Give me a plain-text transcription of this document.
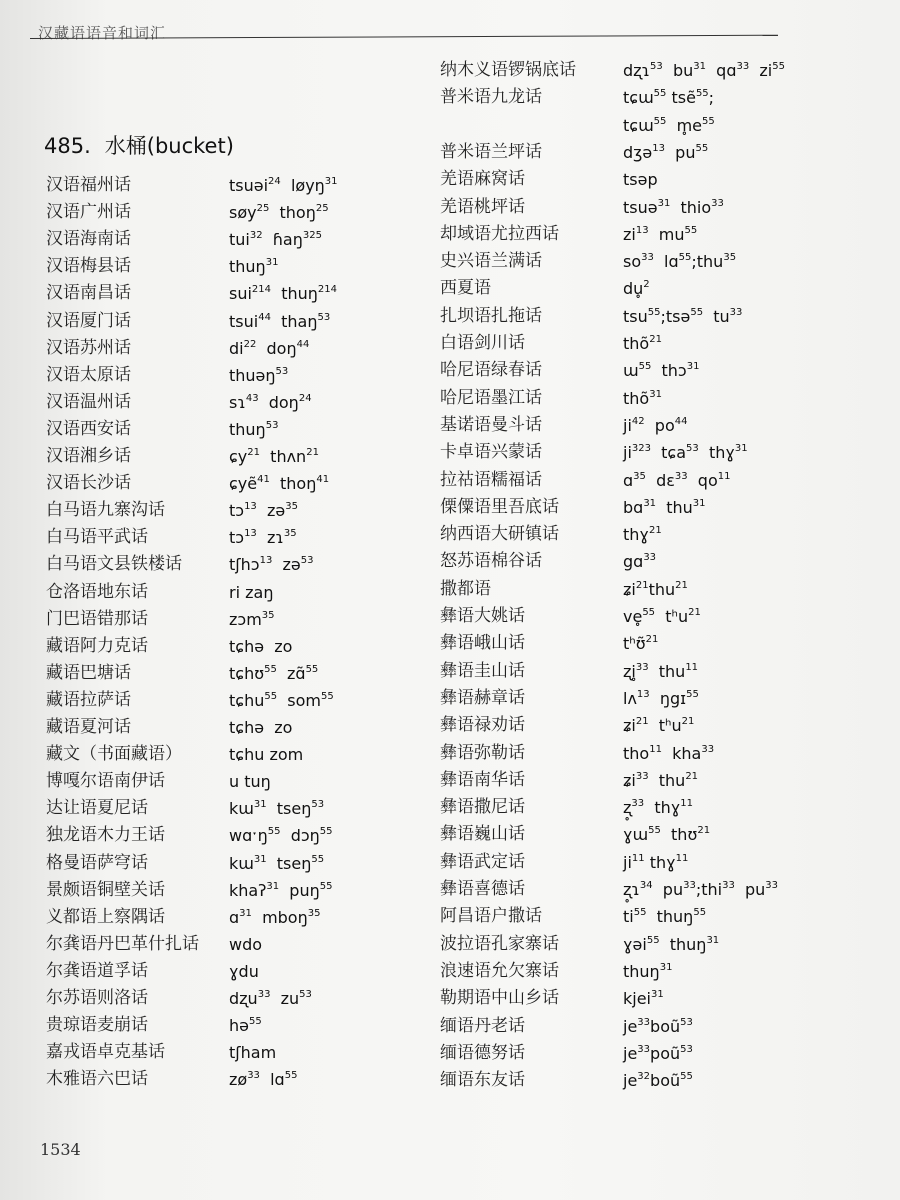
汉藏语语音和词汇
485. 水桶(bucket)
汉语福州话	tsuəi$^{24}$  løyŋ$^{31}$
汉语广州话	søy$^{25}$  thoŋ$^{25}$
汉语海南话	tui$^{32}$  ɦaŋ$^{325}$
汉语梅县话	thuŋ$^{31}$
汉语南昌话	sui$^{214}$  thuŋ$^{214}$
汉语厦门话	tsui$^{44}$  thaŋ$^{53}$
汉语苏州话	$di^{22}$  doŋ$^{44}$
汉语太原话	thuəŋ$^{53}$
汉语温州话	sɿ$^{43}$  doŋ$^{24}$
汉语西安话	thuŋ$^{53}$
汉语湘乡话	ɕy$^{21}$  thʌn$^{21}$
汉语长沙话	ɕyẽ$^{41}$  thoŋ$^{41}$
白马语九寨沟话	tɔ$^{13}$  zə$^{35}$
白马语平武话	tɔ$^{13}$  zɿ$^{35}$
白马语文县铁楼话	tʃhɔ$^{13}$  zə$^{53}$
仓洛语地东话	ri zaŋ
门巴语错那话	zɔm$^{35}$
藏语阿力克话	tɕhə  zo
藏语巴塘话	tɕhʊ$^{55}$  zɑ̃$^{55}$
藏语拉萨话	tɕhu$^{55}$  som$^{55}$
藏语夏河话	tɕhə  zo
藏文（书面藏语）	tɕhu zom
博嘎尔语南伊话	u tuŋ
达让语夏尼话	kɯ$^{31}$  tseŋ$^{53}$
独龙语木力王话	wɑˑŋ$^{55}$  dɔŋ$^{55}$
格曼语萨穹话	kɯ$^{31}$  tseŋ$^{55}$
景颇语铜壁关话	khaʔ$^{31}$  puŋ$^{55}$
义都语上察隅话	ɑ$^{31}$  mboŋ$^{35}$
尔龚语丹巴革什扎话 wdo
尔龚语道孚话	ɣdu
尔苏语则洛话	dʐu$^{33}$  $zu^{53}$
贵琼语麦崩话	hə$^{55}$
嘉戎语卓克基话	tʃham
木雅语六巴话	$zø^{33}$  lɑ$^{55}$
纳木义语锣锅底话	dʐɿ$^{53}$  $bu^{31}$  qɑ$^{33}$  $zi^{55}$
普米语九龙话	tɕɯ$^{55}$ tsẽ$^{55}$;
tɕɯ$^{55}$  $m̥e^{55}$
普米语兰坪话	dʒə$^{13}$  $pu^{55}$
羌语麻窝话	tsəp
羌语桃坪话	tsuə$^{31}$  thio$^{33}$
却域语尤拉西话	$zi^{13}$  $mu^{55}$
史兴语兰满话	$so^{33}$  lɑ$^{55}$;thu$^{35}$
西夏语	du̥$^2$
扎坝语扎拖话	tsu$^{55}$;tsə$^{55}$  $tu^{33}$
白语剑川话	thõ$^{21}$
哈尼语绿春话	ɯ$^{55}$  thɔ$^{31}$
哈尼语墨江话	thõ$^{31}$
基诺语曼斗话	$ji^{42}$  $po^{44}$
卡卓语兴蒙话	$ji^{323}$  tɕa$^{53}$  thɣ$^{31}$
拉祜语糯福话	ɑ$^{35}$  dɛ$^{33}$  $qo^{11}$
傈僳语里吾底话	bɑ$^{31}$  thu$^{31}$
纳西语大研镇话	thɣ$^{21}$
怒苏语棉谷话	gɑ$^{33}$
撒都语	ʑi$^{21}$thu$^{21}$
彝语大姚话	ve̥$^{55}$  tʰu$^{21}$
彝语峨山话	tʰʊ̃$^{21}$
彝语圭山话	ʐi̥$^{33}$  thu$^{11}$
彝语赫章话	lʌ$^{13}$  ŋgɪ$^{55}$
彝语禄劝话	ʑi$^{21}$  tʰu$^{21}$
彝语弥勒话	tho$^{11}$  kha$^{33}$
彝语南华话	ʑi$^{33}$  thu$^{21}$
彝语撒尼话	ʐ̥$^{33}$  thɣ$^{11}$
彝语巍山话	ɣɯ$^{55}$  thʊ$^{21}$
彝语武定话	$ji^{11}$ thɣ$^{11}$
彝语喜德话	ʐ̥ɿ$^{34}$  $pu^{33};thi^{33}$  $pu^{33}$
阿昌语户撒话	$ti^{55}$  thuŋ$^{55}$
波拉语孔家寨话	ɣəi$^{55}$  thuŋ$^{31}$
浪速语允欠寨话	thuŋ$^{31}$
勒期语中山乡话	kjei$^{31}$
缅语丹老话	$je^{33}boũ^{53}$
缅语德努话	$je^{33}poũ^{53}$
缅语东友话	$je^{32}boũ^{55}$
1534
